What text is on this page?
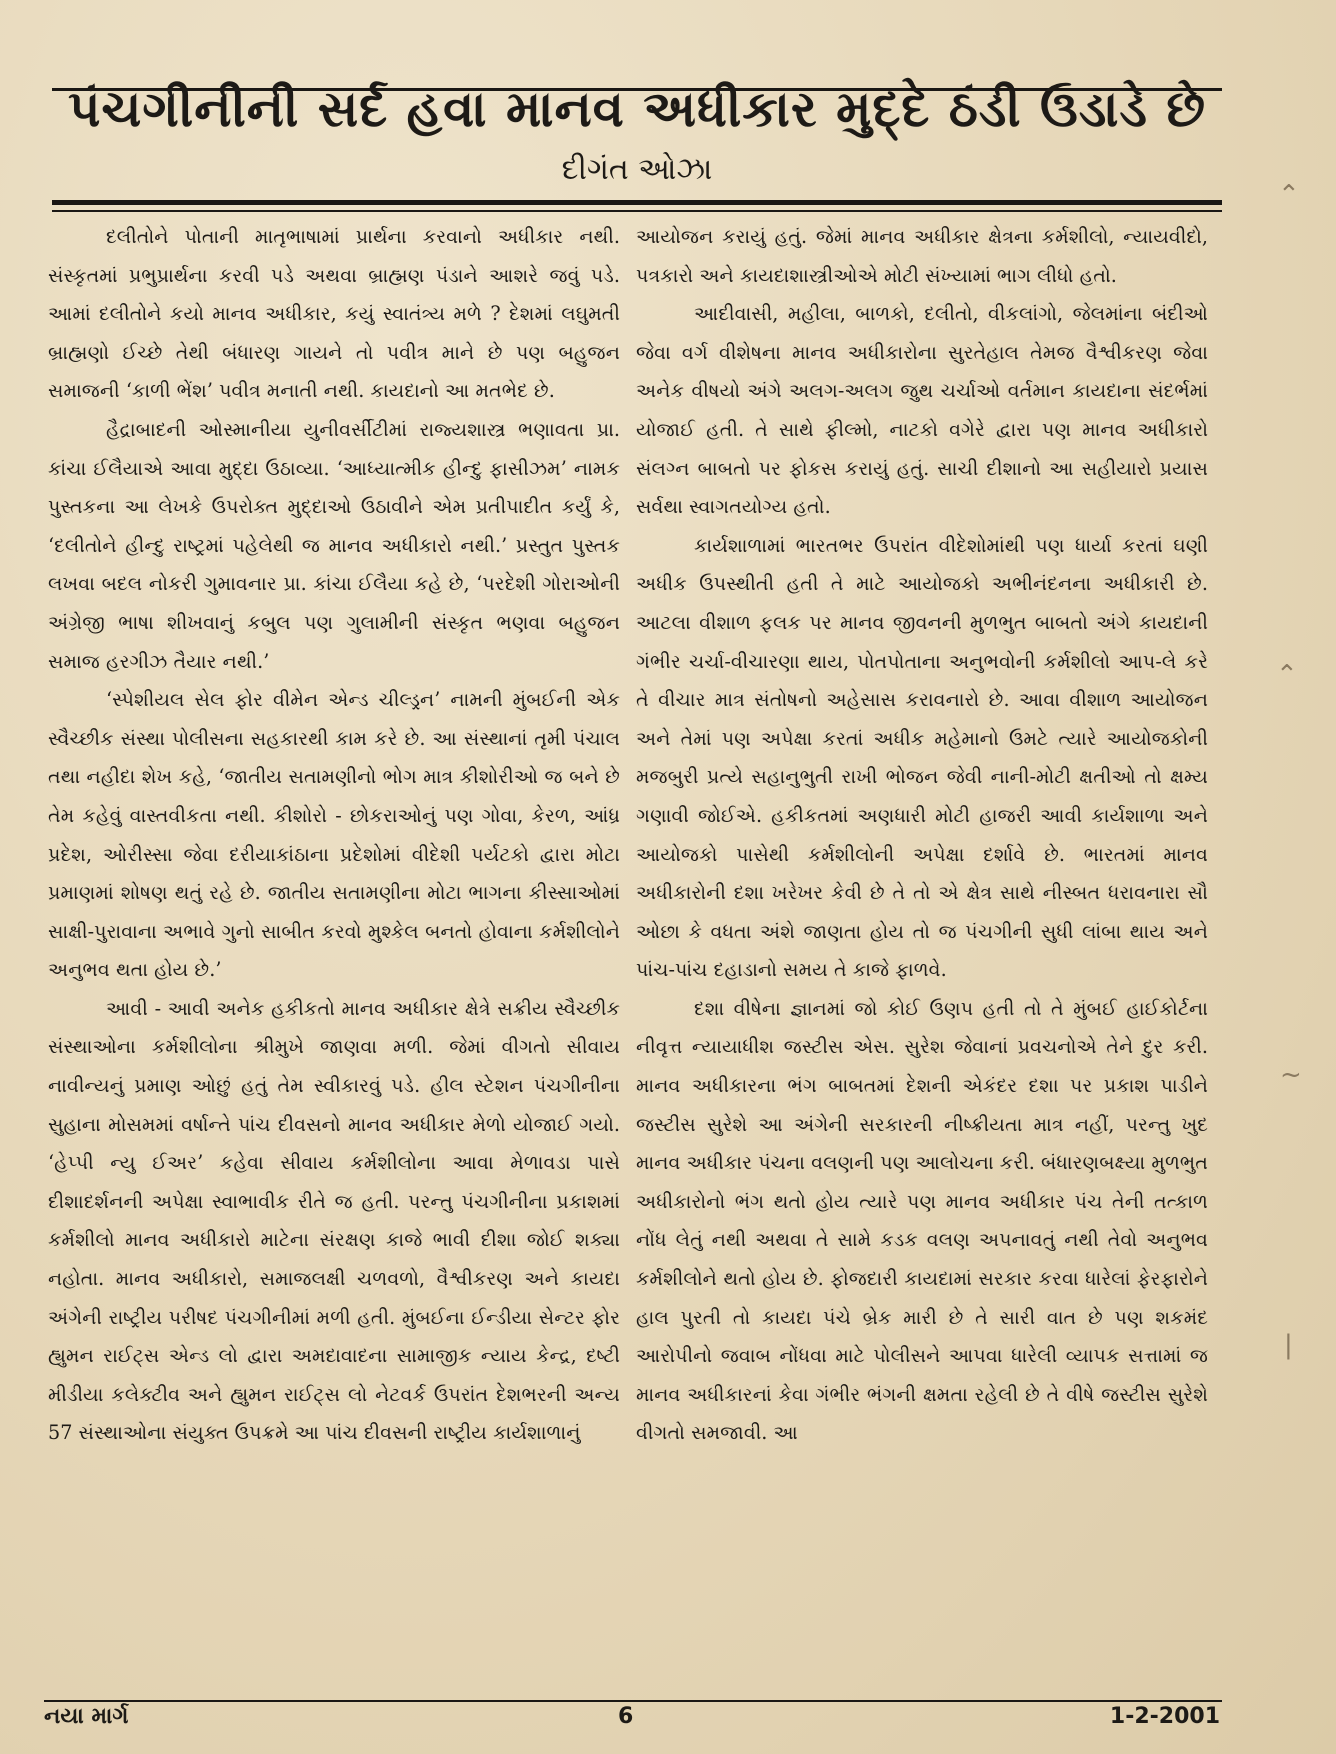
પંચગીનીની સર્દ હવા માનવ અધીકાર મુદ્દે ઠંડી ઉડાડે છે
દીગંત ઓઝા

દલીતોને પોતાની માતૃભાષામાં પ્રાર્થના કરવાનો અધીકાર નથી. સંસ્કૃતમાં પ્રભુપ્રાર્થના કરવી પડે અથવા બ્રાહ્મણ પંડાને આશરે જવું પડે. આમાં દલીતોને કયો માનવ અધીકાર, કયું સ્વાતંત્ર્ય મળે ? દેશમાં લઘુમતી બ્રાહ્મણો ઈચ્છે તેથી બંધારણ ગાયને તો પવીત્ર માને છે પણ બહુજન સમાજની ‘કાળી ભેંશ’ પવીત્ર મનાતી નથી. કાયદાનો આ મતભેદ છે.

હૈદ્રાબાદની ઓસ્માનીયા યુનીવર્સીટીમાં રાજ્યશાસ્ત્ર ભણાવતા પ્રા. કાંચા ઈલૈયાએ આવા મુદ્દા ઉઠાવ્યા. ‘આધ્યાત્મીક હીન્દુ ફાસીઝમ’ નામક પુસ્તકના આ લેખકે ઉપરોક્ત મુદ્દાઓ ઉઠાવીને એમ પ્રતીપાદીત કર્યું કે, ‘દલીતોને હીન્દુ રાષ્ટ્રમાં પહેલેથી જ માનવ અધીકારો નથી.’ પ્રસ્તુત પુસ્તક લખવા બદલ નોકરી ગુમાવનાર પ્રા. કાંચા ઈલૈયા કહે છે, ‘પરદેશી ગોરાઓની અંગ્રેજી ભાષા શીખવાનું કબુલ પણ ગુલામીની સંસ્કૃત ભણવા બહુજન સમાજ હરગીઝ તૈયાર નથી.’

‘સ્પેશીયલ સેલ ફોર વીમેન એન્ડ ચીલ્ડ્રન’ નામની મુંબઈની એક સ્વૈચ્છીક સંસ્થા પોલીસના સહકારથી કામ કરે છે. આ સંસ્થાનાં તૃમી પંચાલ તથા નહીદા શેખ કહે, ‘જાતીય સતામણીનો ભોગ માત્ર કીશોરીઓ જ બને છે તેમ કહેવું વાસ્તવીકતા નથી. કીશોરો - છોકરાઓનું પણ ગોવા, કેરળ, આંધ્ર પ્રદેશ, ઓરીસ્સા જેવા દરીયાકાંઠાના પ્રદેશોમાં વીદેશી પર્યટકો દ્વારા મોટા પ્રમાણમાં શોષણ થતું રહે છે. જાતીય સતામણીના મોટા ભાગના કીસ્સાઓમાં સાક્ષી-પુરાવાના અભાવે ગુનો સાબીત કરવો મુશ્કેલ બનતો હોવાના કર્મશીલોને અનુભવ થતા હોય છે.’

આવી - આવી અનેક હકીકતો માનવ અધીકાર ક્ષેત્રે સક્રીય સ્વૈચ્છીક સંસ્થાઓના કર્મશીલોના શ્રીમુખે જાણવા મળી. જેમાં વીગતો સીવાય નાવીન્યનું પ્રમાણ ઓછું હતું તેમ સ્વીકારવું પડે. હીલ સ્ટેશન પંચગીનીના સુહાના મોસમમાં વર્ષાન્તે પાંચ દીવસનો માનવ અધીકાર મેળો યોજાઈ ગયો. ‘હેપ્પી ન્યુ ઈઅર’ કહેવા સીવાય કર્મશીલોના આવા મેળાવડા પાસે દીશાદર્શનની અપેક્ષા સ્વાભાવીક રીતે જ હતી. પરન્તુ પંચગીનીના પ્રકાશમાં કર્મશીલો માનવ અધીકારો માટેના સંરક્ષણ કાજે ભાવી દીશા જોઈ શક્યા નહોતા. માનવ અધીકારો, સમાજલક્ષી ચળવળો, વૈશ્વીકરણ અને કાયદા અંગેની રાષ્ટ્રીય પરીષદ પંચગીનીમાં મળી હતી. મુંબઈના ઈન્ડીયા સેન્ટર ફોર હ્યુમન રાઈટ્સ એન્ડ લો દ્વારા અમદાવાદના સામાજીક ન્યાય કેન્દ્ર, દષ્ટી મીડીયા કલેક્ટીવ અને હ્યુમન રાઈટ્સ લો નેટવર્ક ઉપરાંત દેશભરની અન્ય 57 સંસ્થાઓના સંયુક્ત ઉપક્રમે આ પાંચ દીવસની રાષ્ટ્રીય કાર્યશાળાનું

આયોજન કરાયું હતું. જેમાં માનવ અધીકાર ક્ષેત્રના કર્મશીલો, ન્યાયવીદો, પત્રકારો અને કાયદાશાસ્ત્રીઓએ મોટી સંખ્યામાં ભાગ લીધો હતો.

આદીવાસી, મહીલા, બાળકો, દલીતો, વીકલાંગો, જેલમાંના બંદીઓ જેવા વર્ગ વીશેષના માનવ અધીકારોના સુરતેહાલ તેમજ વૈશ્વીકરણ જેવા અનેક વીષયો અંગે અલગ-અલગ જુથ ચર્ચાઓ વર્તમાન કાયદાના સંદર્ભમાં યોજાઈ હતી. તે સાથે ફીલ્મો, નાટકો વગેરે દ્વારા પણ માનવ અધીકારો સંલગ્ન બાબતો પર ફોકસ કરાયું હતું. સાચી દીશાનો આ સહીયારો પ્રયાસ સર્વથા સ્વાગતયોગ્ય હતો.

કાર્યશાળામાં ભારતભર ઉપરાંત વીદેશોમાંથી પણ ધાર્યા કરતાં ઘણી અધીક ઉપસ્થીતી હતી તે માટે આયોજકો અભીનંદનના અધીકારી છે. આટલા વીશાળ ફલક પર માનવ જીવનની મુળભુત બાબતો અંગે કાયદાની ગંભીર ચર્ચા-વીચારણા થાય, પોતપોતાના અનુભવોની કર્મશીલો આપ-લે કરે તે વીચાર માત્ર સંતોષનો અહેસાસ કરાવનારો છે. આવા વીશાળ આયોજન અને તેમાં પણ અપેક્ષા કરતાં અધીક મહેમાનો ઉમટે ત્યારે આયોજકોની મજબુરી પ્રત્યે સહાનુભુતી રાખી ભોજન જેવી નાની-મોટી ક્ષતીઓ તો ક્ષમ્ય ગણાવી જોઈએ. હકીકતમાં અણધારી મોટી હાજરી આવી કાર્યશાળા અને આયોજકો પાસેથી કર્મશીલોની અપેક્ષા દર્શાવે છે. ભારતમાં માનવ અધીકારોની દશા ખરેખર કેવી છે તે તો એ ક્ષેત્ર સાથે નીસ્બત ધરાવનારા સૌ ઓછા કે વધતા અંશે જાણતા હોય તો જ પંચગીની સુધી લાંબા થાય અને પાંચ-પાંચ દહાડાનો સમય તે કાજે ફાળવે.

દશા વીષેના જ્ઞાનમાં જો કોઈ ઉણપ હતી તો તે મુંબઈ હાઈકોર્ટના નીવૃત્ત ન્યાયાધીશ જસ્ટીસ એસ. સુરેશ જેવાનાં પ્રવચનોએ તેને દુર કરી. માનવ અધીકારના ભંગ બાબતમાં દેશની એકંદર દશા પર પ્રકાશ પાડીને જસ્ટીસ સુરેશે આ અંગેની સરકારની નીષ્ક્રીયતા માત્ર નહીં, પરન્તુ ખુદ માનવ અધીકાર પંચના વલણની પણ આલોચના કરી. બંધારણબક્ષ્યા મુળભુત અધીકારોનો ભંગ થતો હોય ત્યારે પણ માનવ અધીકાર પંચ તેની તત્કાળ નોંધ લેતું નથી અથવા તે સામે કડક વલણ અપનાવતું નથી તેવો અનુભવ કર્મશીલોને થતો હોય છે. ફોજદારી કાયદામાં સરકાર કરવા ધારેલાં ફેરફારોને હાલ પુરતી તો કાયદા પંચે બ્રેક મારી છે તે સારી વાત છે પણ શકમંદ આરોપીનો જવાબ નોંધવા માટે પોલીસને આપવા ધારેલી વ્યાપક સત્તામાં જ માનવ અધીકારનાં કેવા ગંભીર ભંગની ક્ષમતા રહેલી છે તે વીષે જસ્ટીસ સુરેશે વીગતો સમજાવી. આ

⌃
⌃
~
|
નયા માર્ગ	6	1-2-2001
